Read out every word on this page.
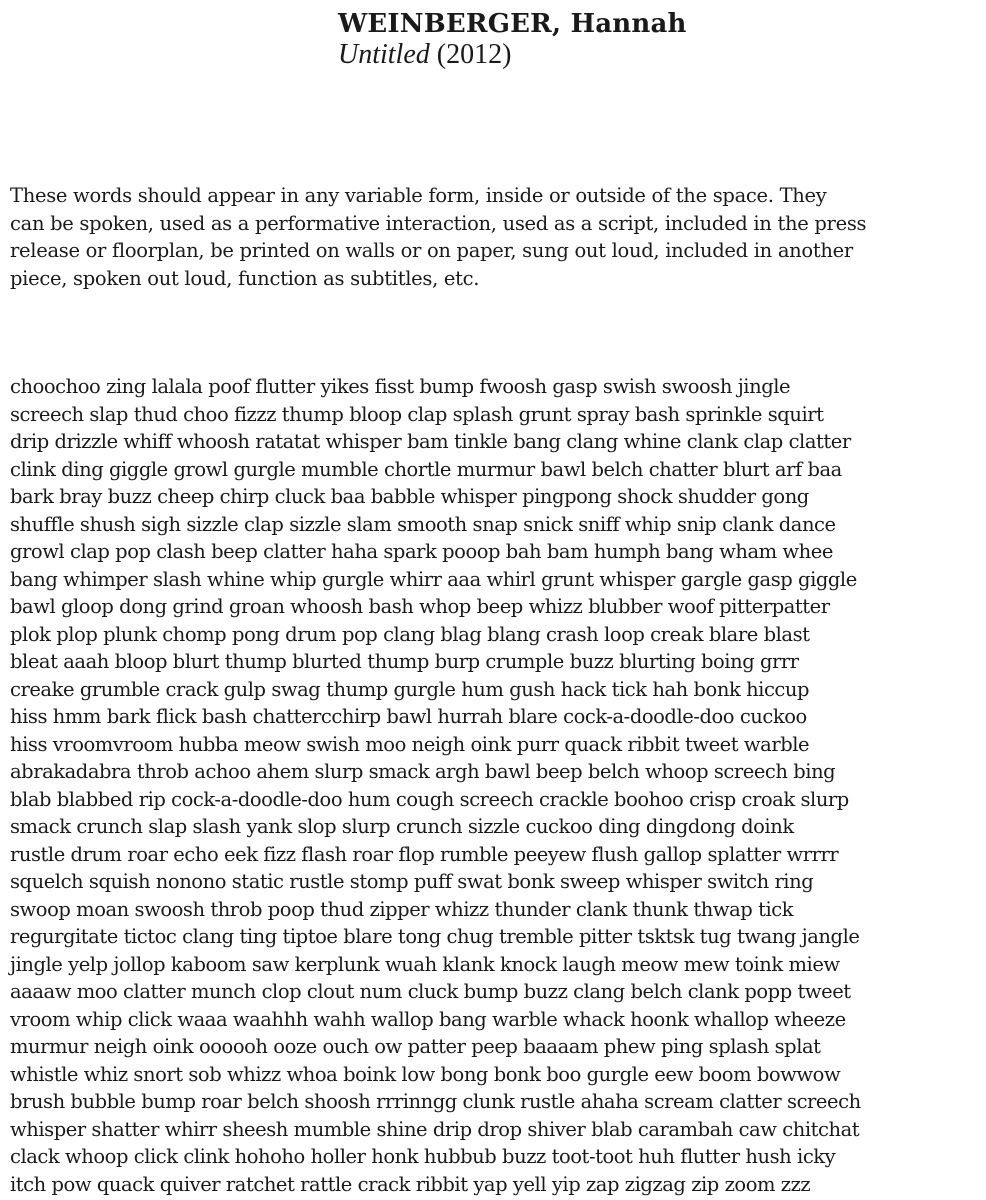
WEINBERGER, Hannah

Untitled (2012)

These words should appear in any variable form, inside or outside of the space. They
can be spoken, used as a performative interaction, used as a script, included in the press
release or floorplan, be printed on walls or on paper, sung out loud, included in another
piece, spoken out loud, function as subtitles, etc.
choochoo zing lalala poof flutter yikes fisst bump fwoosh gasp swish swoosh jingle
screech slap thud choo fizzz thump bloop clap splash grunt spray bash sprinkle squirt
drip drizzle whiff whoosh ratatat whisper bam tinkle bang clang whine clank clap clatter
clink ding giggle growl gurgle mumble chortle murmur bawl belch chatter blurt arf baa
bark bray buzz cheep chirp cluck baa babble whisper pingpong shock shudder gong
shuffle shush sigh sizzle clap sizzle slam smooth snap snick sniff whip snip clank dance
growl clap pop clash beep clatter haha spark pooop bah bam humph bang wham whee
bang whimper slash whine whip gurgle whirr aaa whirl grunt whisper gargle gasp giggle
bawl gloop dong grind groan whoosh bash whop beep whizz blubber woof pitterpatter
plok plop plunk chomp pong drum pop clang blag blang crash loop creak blare blast
bleat aaah bloop blurt thump blurted thump burp crumple buzz blurting boing grrr
creake grumble crack gulp swag thump gurgle hum gush hack tick hah bonk hiccup
hiss hmm bark flick bash chattercchirp bawl hurrah blare cock-a-doodle-doo cuckoo
hiss vroomvroom hubba meow swish moo neigh oink purr quack ribbit tweet warble
abrakadabra throb achoo ahem slurp smack argh bawl beep belch whoop screech bing
blab blabbed rip cock-a-doodle-doo hum cough screech crackle boohoo crisp croak slurp
smack crunch slap slash yank slop slurp crunch sizzle cuckoo ding dingdong doink
rustle drum roar echo eek fizz flash roar flop rumble peeyew flush gallop splatter wrrrr
squelch squish nonono static rustle stomp puff swat bonk sweep whisper switch ring
swoop moan swoosh throb poop thud zipper whizz thunder clank thunk thwap tick
regurgitate tictoc clang ting tiptoe blare tong chug tremble pitter tsktsk tug twang jangle
jingle yelp jollop kaboom saw kerplunk wuah klank knock laugh meow mew toink miew
aaaaw moo clatter munch clop clout num cluck bump buzz clang belch clank popp tweet
vroom whip click waaa waahhh wahh wallop bang warble whack hoonk whallop wheeze
murmur neigh oink oooooh ooze ouch ow patter peep baaaam phew ping splash splat
whistle whiz snort sob whizz whoa boink low bong bonk boo gurgle eew boom bowwow
brush bubble bump roar belch shoosh rrrinngg clunk rustle ahaha scream clatter screech
whisper shatter whirr sheesh mumble shine drip drop shiver blab carambah caw chitchat
clack whoop click clink hohoho holler honk hubbub buzz toot-toot huh flutter hush icky
itch pow quack quiver ratchet rattle crack ribbit yap yell yip zap zigzag zip zoom zzz
